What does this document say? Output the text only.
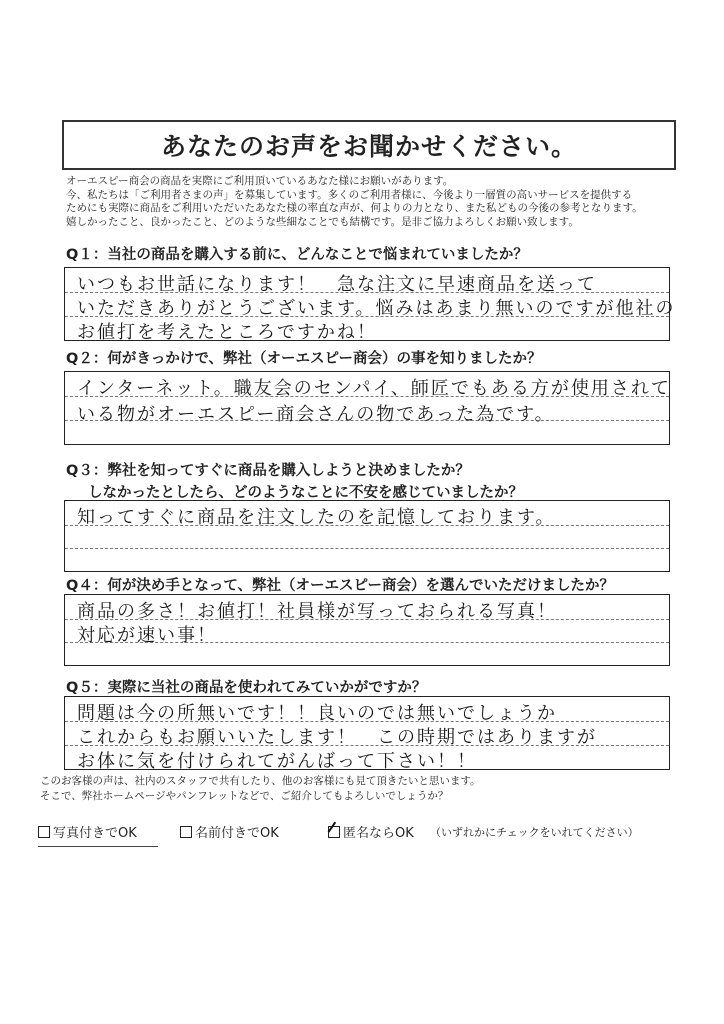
あなたのお声をお聞かせください。
オーエスピー商会の商品を実際にご利用頂いているあなた様にお願いがあります。
今、私たちは「ご利用者さまの声」を募集しています。多くのご利用者様に、今後より一層質の高いサービスを提供する
ためにも実際に商品をご利用いただいたあなた様の率直な声が、何よりの力となり、また私どもの今後の参考となります。
嬉しかったこと、良かったこと、どのような些細なことでも結構です。是非ご協力よろしくお願い致します。
Q１：当社の商品を購入する前に、どんなことで悩まれていましたか？
いつもお世話になります！　急な注文に早速商品を送って
いただきありがとうございます。悩みはあまり無いのですが他社の
お値打を考えたところですかね！
Q２：何がきっかけで、弊社（オーエスピー商会）の事を知りましたか？
インターネット。職友会のセンパイ、師匠でもある方が使用されて
いる物がオーエスピー商会さんの物であった為です。
Q３：弊社を知ってすぐに商品を購入しようと決めましたか？
しなかったとしたら、どのようなことに不安を感じていましたか？
知ってすぐに商品を注文したのを記憶しております。
Q４：何が決め手となって、弊社（オーエスピー商会）を選んでいただけましたか？
商品の多さ！お値打！社員様が写っておられる写真！
対応が速い事！
Q５：実際に当社の商品を使われてみていかがですか？
問題は今の所無いです！！良いのでは無いでしょうか
これからもお願いいたします！　この時期ではありますが
お体に気を付けられてがんばって下さい！！
このお客様の声は、社内のスタッフで共有したり、他のお客様にも見て頂きたいと思います。
そこで、弊社ホームページやパンフレットなどで、ご紹介してもよろしいでしょうか？
写真付きでOK	名前付きでOK	匿名ならOK （いずれかにチェックをいれてください）
